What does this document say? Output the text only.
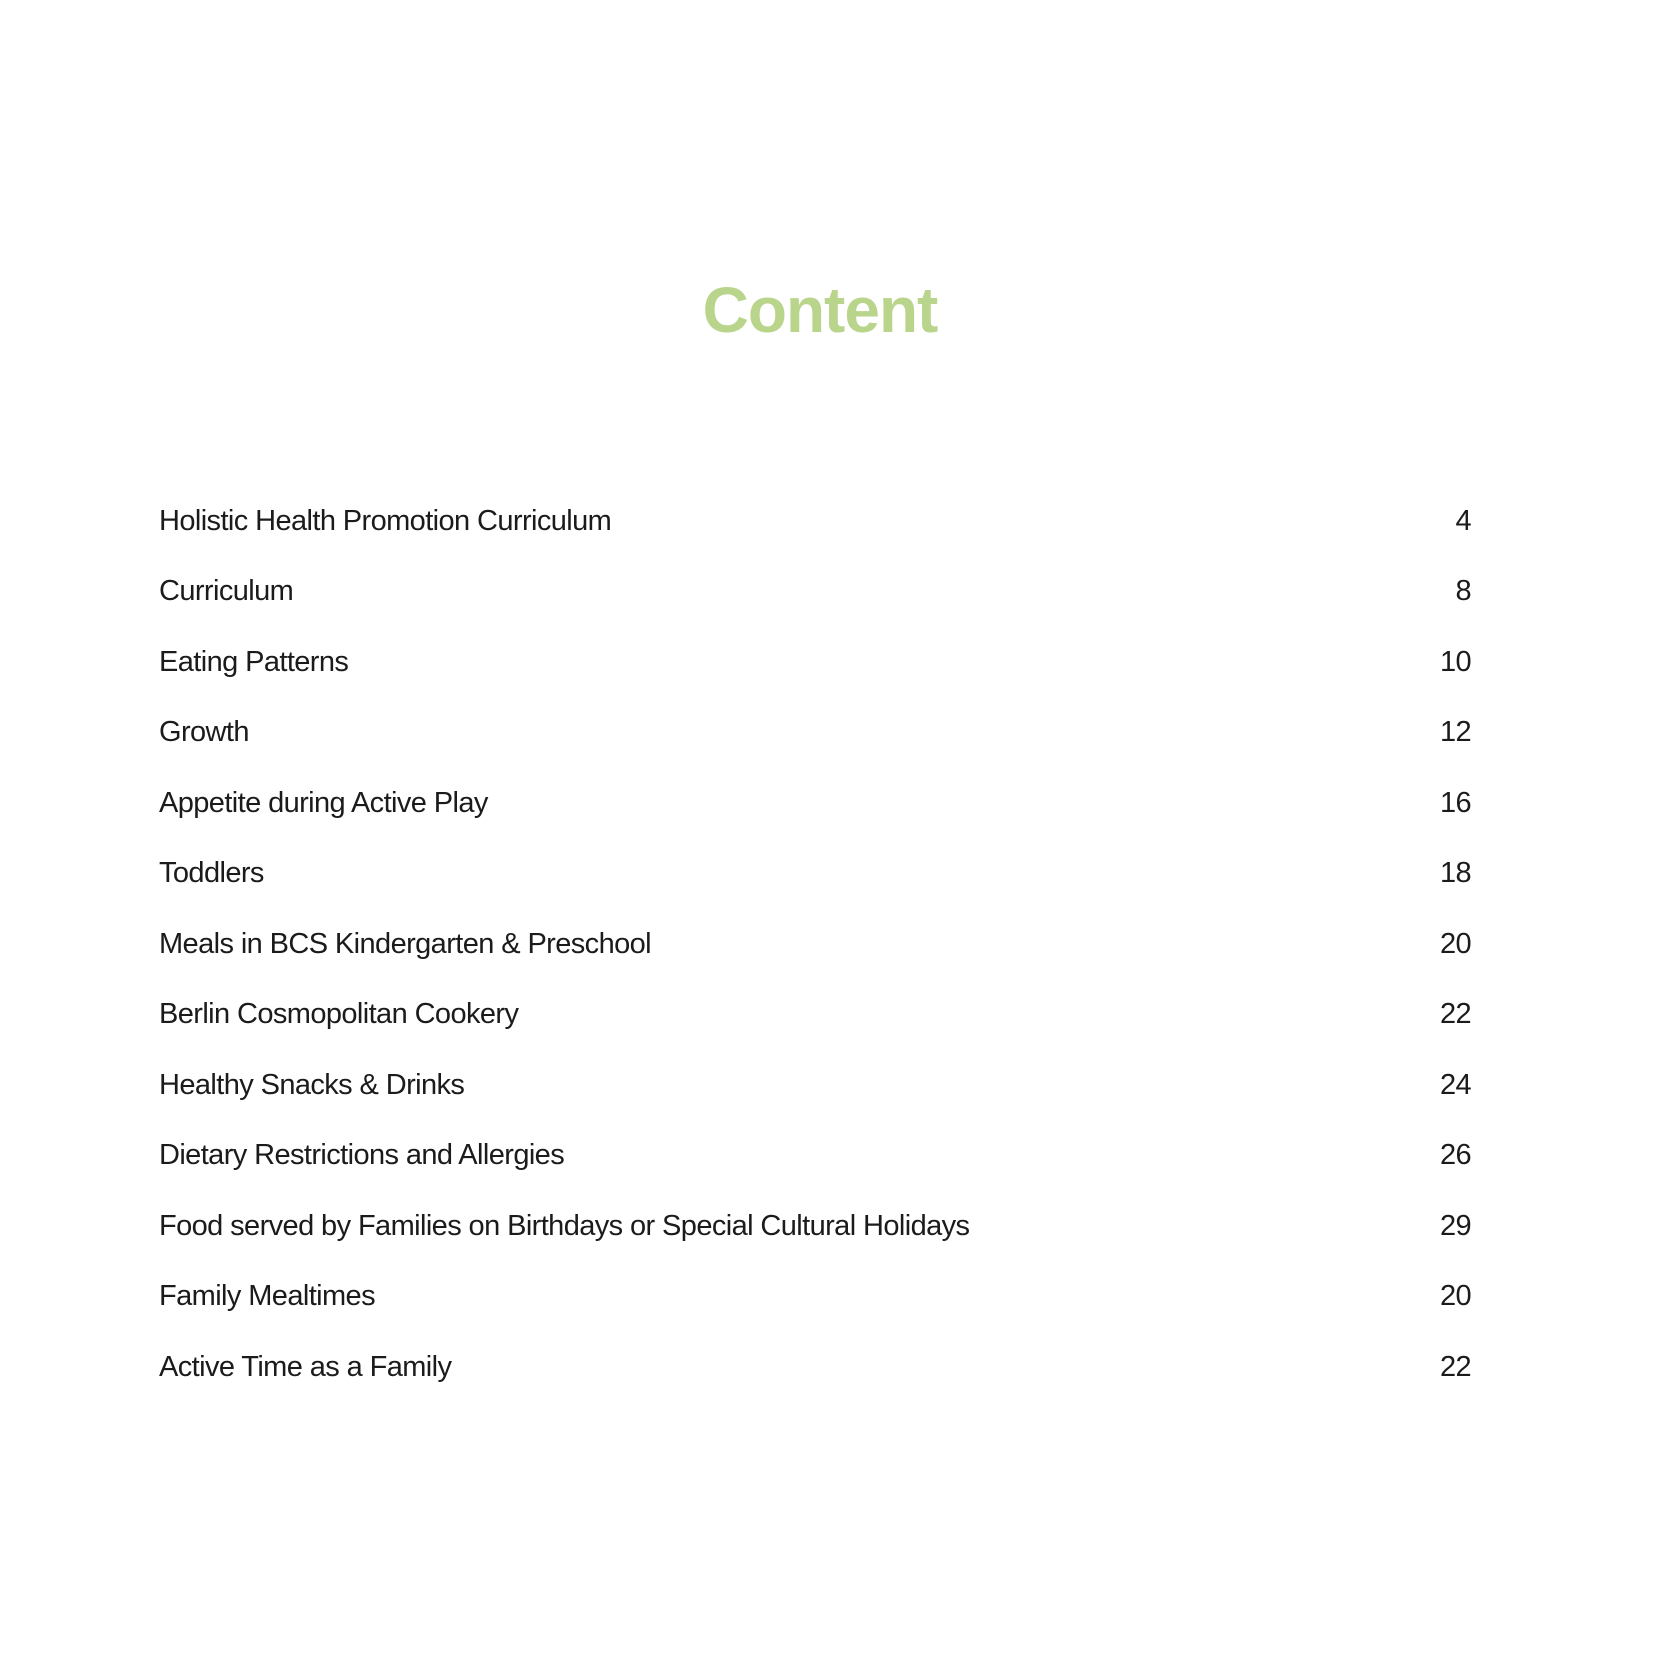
Content
Holistic Health Promotion Curriculum	4
Curriculum	8
Eating Patterns	10
Growth	12
Appetite during Active Play	16
Toddlers	18
Meals in BCS Kindergarten & Preschool	20
Berlin Cosmopolitan Cookery	22
Healthy Snacks & Drinks	24
Dietary Restrictions and Allergies	26
Food served by Families on Birthdays or Special Cultural Holidays	29
Family Mealtimes	20
Active Time as a Family	22
